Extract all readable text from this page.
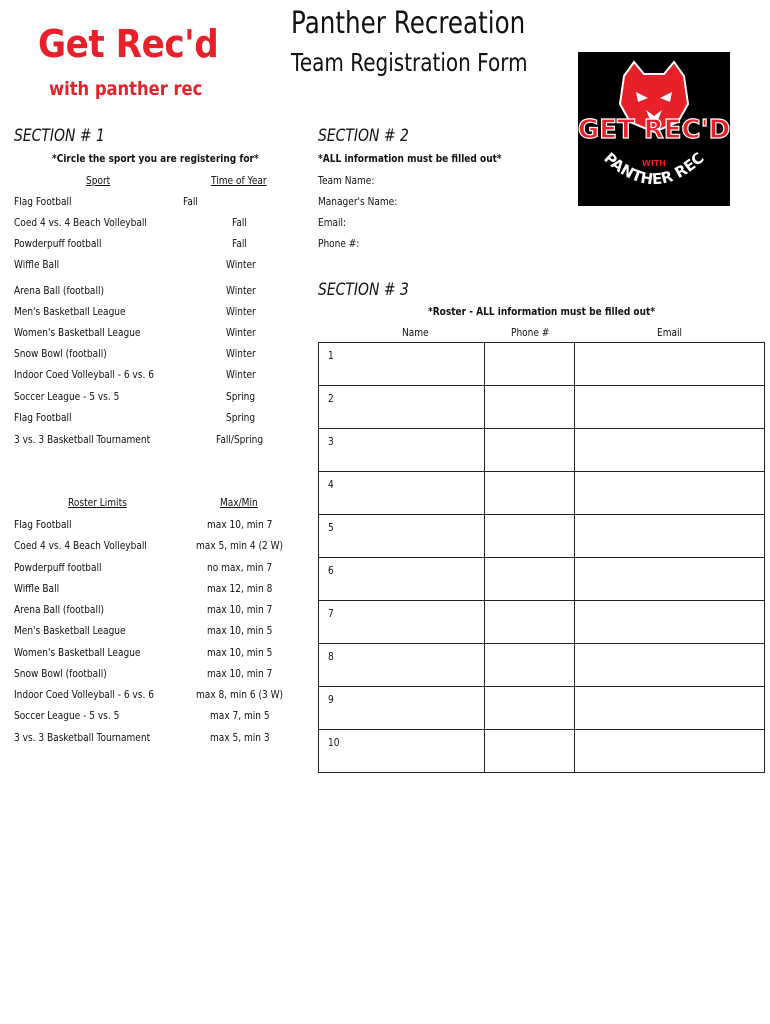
Get Rec'd
with panther rec
Panther Recreation
Team Registration Form
GET REC'D
WITH
PANTHER REC
SECTION # 1
*Circle the sport you are registering for*
Sport	Time of Year
Flag Football	Fall
Coed 4 vs. 4 Beach Volleyball	Fall
Powderpuff football	Fall
Wiffle Ball	Winter
Arena Ball (football)	Winter
Men's Basketball League	Winter
Women's Basketball League	Winter
Snow Bowl (football)	Winter
Indoor Coed Volleyball - 6 vs. 6	Winter
Soccer League - 5 vs. 5	Spring
Flag Football	Spring
3 vs. 3 Basketball Tournament	Fall/Spring
Roster Limits	Max/Min
Flag Football	max 10, min 7
Coed 4 vs. 4 Beach Volleyball	max 5, min 4 (2 W)
Powderpuff football	no max, min 7
Wiffle Ball	max 12, min 8
Arena Ball (football)	max 10, min 7
Men's Basketball League	max 10, min 5
Women's Basketball League	max 10, min 5
Snow Bowl (football)	max 10, min 7
Indoor Coed Volleyball - 6 vs. 6	max 8, min 6 (3 W)
Soccer League - 5 vs. 5	max 7, min 5
3 vs. 3 Basketball Tournament	max 5, min 3
SECTION # 2
*ALL information must be filled out*
Team Name:
Manager's Name:
Email:
Phone #:
SECTION # 3
*Roster - ALL information must be filled out*
Name	Phone #	Email
1		
2		
3		
4		
5		
6		
7		
8		
9		
10		
